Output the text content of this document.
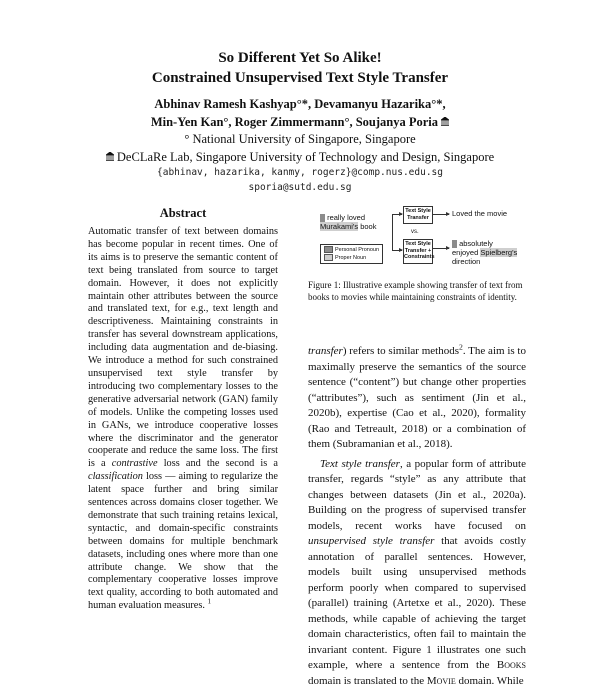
So Different Yet So Alike!
Constrained Unsupervised Text Style Transfer
Abhinav Ramesh Kashyap°*, Devamanyu Hazarika°*,
Min-Yen Kan°, Roger Zimmermann°, Soujanya Poria
° National University of Singapore, Singapore
DeCLaRe Lab, Singapore University of Technology and Design, Singapore
{abhinav, hazarika, kanmy, rogerz}@comp.nus.edu.sg
sporia@sutd.edu.sg
Abstract

Automatic transfer of text between domains has become popular in recent times. One of its aims is to preserve the semantic content of text being translated from source to target domain. However, it does not explicitly maintain other attributes between the source and translated text, for e.g., text length and descriptiveness. Maintaining constraints in transfer has several downstream applications, including data augmentation and de-biasing. We introduce a method for such constrained unsupervised text style transfer by introducing two complementary losses to the generative adversarial network (GAN) family of models. Unlike the competing losses used in GANs, we introduce cooperative losses where the discriminator and the generator cooperate and reduce the same loss. The first is a contrastive loss and the second is a classification loss — aiming to regularize the latent space further and bring similar sentences across domains closer together. We demonstrate that such training retains lexical, syntactic, and domain-specific constraints between domains for multiple benchmark datasets, including ones where more than one attribute change. We show that the complementary cooperative losses improve text quality, according to both automated and human evaluation measures. $^1$

really loved
Murakami's book
Text Style Transfer	Loved the movie
vs.
Text Style Transfer + Constraints
absolutely
enjoyed Spielberg's
direction
Personal Pronoun
Proper Noun
Figure 1: Illustrative example showing transfer of text from books to movies while maintaining constraints of identity.

transfer) refers to similar methods$^2$. The aim is to maximally preserve the semantics of the source sentence (“content”) but change other properties (“attributes”), such as sentiment (Jin et al., 2020b), expertise (Cao et al., 2020), formality (Rao and Tetreault, 2018) or a combination of them (Subramanian et al., 2018).

Text style transfer, a popular form of attribute transfer, regards “style” as any attribute that changes between datasets (Jin et al., 2020a). Building on the progress of supervised transfer models, recent works have focused on unsupervised style transfer that avoids costly annotation of parallel sentences. However, models built using unsupervised methods perform poorly when compared to supervised (parallel) training (Artetxe et al., 2020). These methods, while capable of achieving the target domain characteristics, often fail to maintain the invariant content. Figure 1 illustrates one such example, where a sentence from the Books domain is translated to the Movie domain. While
